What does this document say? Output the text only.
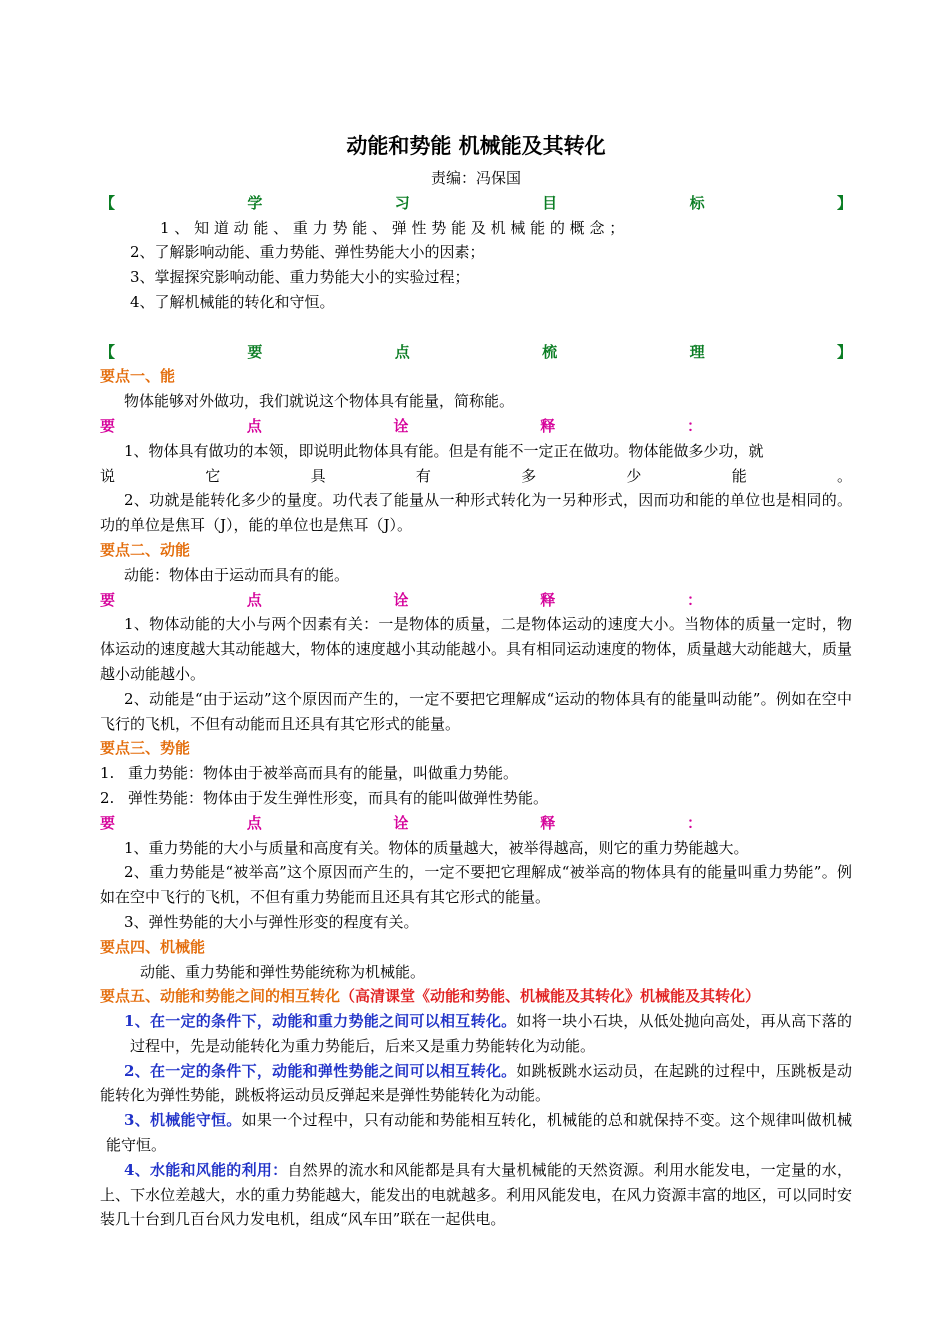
动能和势能 机械能及其转化
责编：冯保国
【	学	习	目	标	】
1 、 知 道 动 能 、 重 力 势 能 、 弹 性 势 能 及 机 械 能 的 概 念 ；
2、了解影响动能、重力势能、弹性势能大小的因素；
3、掌握探究影响动能、重力势能大小的实验过程；
4、了解机械能的转化和守恒。
【	要	点	梳	理	】
要点一、能
物体能够对外做功，我们就说这个物体具有能量，简称能。
要	点	诠	释	：
1、物体具有做功的本领，即说明此物体具有能。但是有能不一定正在做功。物体能做多少功，就
说	它	具	有	多	少	能	。
2、功就是能转化多少的量度。功代表了能量从一种形式转化为一另种形式，因而功和能的单位也是相同的。功的单位是焦耳（J），能的单位也是焦耳（J）。
要点二、动能
动能：物体由于运动而具有的能。
要	点	诠	释	：
1、物体动能的大小与两个因素有关：一是物体的质量，二是物体运动的速度大小。当物体的质量一定时，物体运动的速度越大其动能越大，物体的速度越小其动能越小。具有相同运动速度的物体，质量越大动能越大，质量越小动能越小。
2、动能是“由于运动”这个原因而产生的，一定不要把它理解成“运动的物体具有的能量叫动能”。例如在空中飞行的飞机，不但有动能而且还具有其它形式的能量。
要点三、势能
1. 重力势能：物体由于被举高而具有的能量，叫做重力势能。
2. 弹性势能：物体由于发生弹性形变，而具有的能叫做弹性势能。
要	点	诠	释	：
1、重力势能的大小与质量和高度有关。物体的质量越大，被举得越高，则它的重力势能越大。
2、重力势能是“被举高”这个原因而产生的，一定不要把它理解成“被举高的物体具有的能量叫重力势能”。例如在空中飞行的飞机，不但有重力势能而且还具有其它形式的能量。
3、弹性势能的大小与弹性形变的程度有关。
要点四、机械能
动能、重力势能和弹性势能统称为机械能。
要点五、动能和势能之间的相互转化（高清课堂《动能和势能、机械能及其转化》机械能及其转化）
1、在一定的条件下，动能和重力势能之间可以相互转化。如将一块小石块，从低处抛向高处，再从高下落的过程中，先是动能转化为重力势能后，后来又是重力势能转化为动能。
2、在一定的条件下，动能和弹性势能之间可以相互转化。如跳板跳水运动员，在起跳的过程中，压跳板是动能转化为弹性势能，跳板将运动员反弹起来是弹性势能转化为动能。
3、机械能守恒。如果一个过程中，只有动能和势能相互转化，机械能的总和就保持不变。这个规律叫做机械能守恒。
4、水能和风能的利用：自然界的流水和风能都是具有大量机械能的天然资源。利用水能发电，一定量的水，上、下水位差越大，水的重力势能越大，能发出的电就越多。利用风能发电，在风力资源丰富的地区，可以同时安装几十台到几百台风力发电机，组成“风车田”联在一起供电。
